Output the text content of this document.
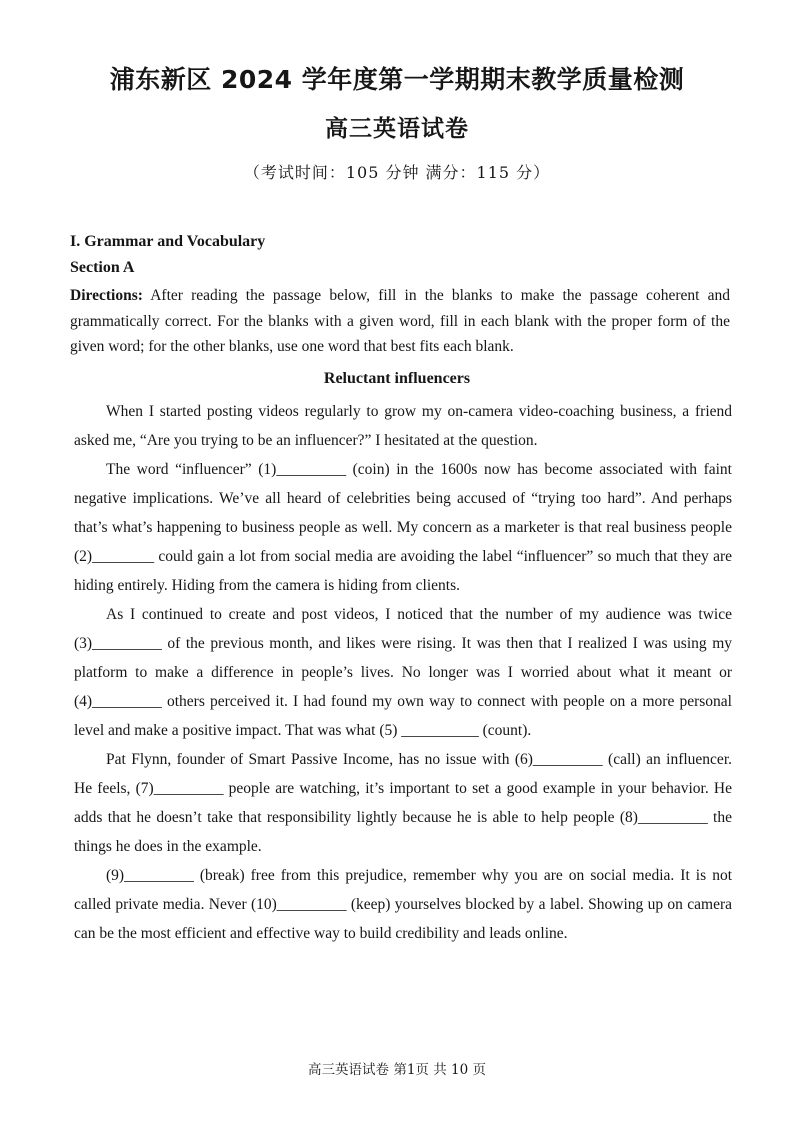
浦东新区 2024 学年度第一学期期末教学质量检测
高三英语试卷
（考试时间：105 分钟 满分：115 分）
I. Grammar and Vocabulary
Section A
Directions: After reading the passage below, fill in the blanks to make the passage coherent and grammatically correct. For the blanks with a given word, fill in each blank with the proper form of the given word; for the other blanks, use one word that best fits each blank.
Reluctant influencers

When I started posting videos regularly to grow my on-camera video-coaching business, a friend asked me, “Are you trying to be an influencer?” I hesitated at the question.

The word “influencer” (1)_________ (coin) in the 1600s now has become associated with faint negative implications. We’ve all heard of celebrities being accused of “trying too hard”. And perhaps that’s what’s happening to business people as well. My concern as a marketer is that real business people (2)________ could gain a lot from social media are avoiding the label “influencer” so much that they are hiding entirely. Hiding from the camera is hiding from clients.

As I continued to create and post videos, I noticed that the number of my audience was twice (3)_________ of the previous month, and likes were rising. It was then that I realized I was using my platform to make a difference in people’s lives. No longer was I worried about what it meant or (4)_________ others perceived it. I had found my own way to connect with people on a more personal level and make a positive impact. That was what (5) __________ (count).

Pat Flynn, founder of Smart Passive Income, has no issue with (6)_________ (call) an influencer. He feels, (7)_________ people are watching, it’s important to set a good example in your behavior. He adds that he doesn’t take that responsibility lightly because he is able to help people (8)_________ the things he does in the example.

(9)_________ (break) free from this prejudice, remember why you are on social media. It is not called private media. Never (10)_________ (keep) yourselves blocked by a label. Showing up on camera can be the most efficient and effective way to build credibility and leads online.

高三英语试卷 第1页 共 10 页
